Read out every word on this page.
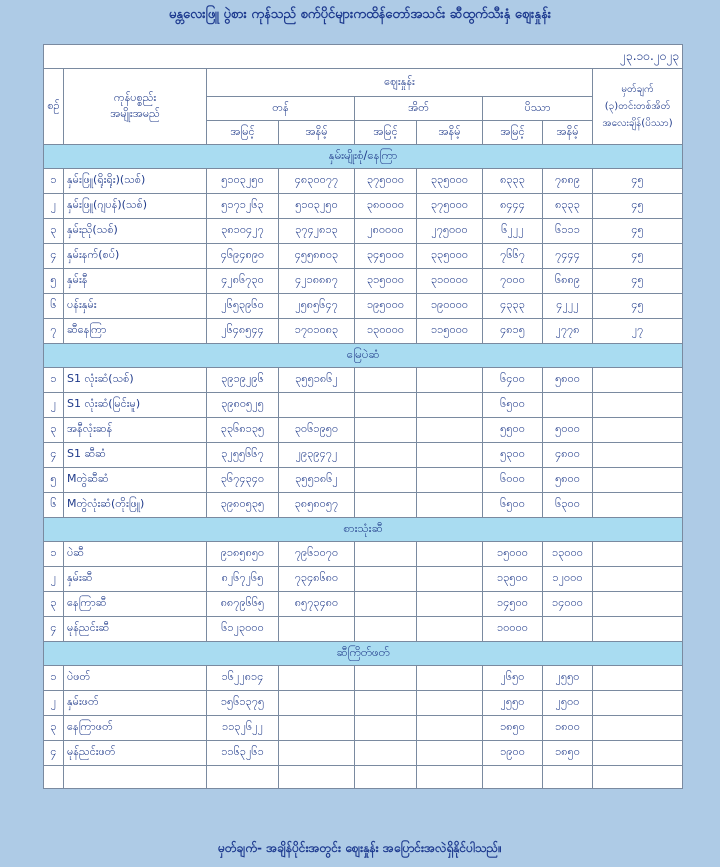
မန္တလေးဖြူ ပွဲစား ကုန်သည် စက်ပိုင်များကထိန်တော်အသင်း ဆီထွက်သီးနှံ ဈေးနှုန်း
၂၃.၁၀.၂၀၂၃								
စဉ်	ကုန်ပစ္စည်း
အမျိုးအမည်	ဈေးနှုန်း						မှတ်ချက်
(၃)တင်းတစ်အိတ်
အလေးချိန်(ပိဿာ)
		တန်		အိတ်		ပိဿာ		
		အမြင့်	အနိမ့်	အမြင့်	အနိမ့်	အမြင့်	အနိမ့်	
နှမ်းမျိုးစုံ/နေကြာ								
၁	နှမ်းဖြူ(ရိုးရိုး)(သစ်)	၅၁၀၃၂၅၀	၄၈၃၀၀၇၇	၃၇၅၀၀၀	၃၃၅၀၀၀	၈၃၃၃	၇၈၈၉	၄၅
၂	နှမ်းဖြူ(ဂျပန်)(သစ်)	၅၁၇၁၂၆၃	၅၁၀၃၂၅၀	၃၈၀၀၀၀	၃၇၅၀၀၀	၈၄၄၄	၈၃၃၃	၄၅
၃	နှမ်းညို(သစ်)	၃၈၁၀၄၂၇	၃၇၄၂၈၁၃	၂၈၀၀၀၀	၂၇၅၀၀၀	၆၂၂၂	၆၁၁၁	၄၅
၄	နှမ်းနက်(စပ်)	၄၆၉၄၈၉၀	၄၅၅၈၈၀၃	၃၄၅၀၀၀	၃၃၅၀၀၀	၇၆၆၇	၇၄၄၄	၄၅
၅	နှမ်းနီ	၄၂၈၆၇၃၀	၄၂၁၈၈၈၇	၃၁၅၀၀၀	၃၁၀၀၀၀	၇၀၀၀	၆၈၈၉	၄၅
၆	ပန်းနှမ်း	၂၆၅၃၉၆၀	၂၅၈၅၆၄၇	၁၉၅၀၀၀	၁၉၀၀၀၀	၄၃၃၃	၄၂၂၂	၄၅
၇	ဆီနေကြာ	၂၆၄၈၅၄၄	၁၇၀၁၀၈၃	၁၃၀၀၀၀	၁၁၅၀၀၀	၄၈၁၅	၂၇၇၈	၂၇
မြေပဲဆံ								
၁	S1 လုံးဆံ(သစ်)	၃၉၁၉၂၉၆	၃၅၅၁၈၆၂			၆၄၀၀	၅၈၀၀	
၂	S1 လုံးဆံ(မြင်းမူ)	၃၉၈၀၅၂၅				၆၅၀၀		
၃	အနီလုံးဆန်	၃၃၆၈၁၃၅	၃၀၆၁၉၅၀			၅၅၀၀	၅၀၀၀	
၄	S1 ဆီဆံ	၃၂၅၅၆၆၇	၂၉၃၉၄၇၂			၅၃၀၀	၄၈၀၀	
၅	Mတွဲဆီဆံ	၃၆၇၄၃၄၀	၃၅၅၁၈၆၂			၆၀၀၀	၅၈၀၀	
၆	Mတွဲလုံးဆံ(တိုးဖြူ)	၃၉၈၀၅၃၅	၃၈၅၈၀၅၇			၆၅၀၀	၆၃၀၀	
စားသုံးဆီ								
၁	ပဲဆီ	၉၁၈၅၈၅၀	၇၉၆၁၀၇၀			၁၅၀၀၀	၁၃၀၀၀	
၂	နှမ်းဆီ	၈၂၆၇၂၆၅	၇၃၄၈၆၈၀			၁၃၅၀၀	၁၂၀၀၀	
၃	နေကြာဆီ	၈၈၇၉၆၆၅	၈၅၇၃၄၈၀			၁၄၅၀၀	၁၄၀၀၀	
၄	မုန်ညင်းဆီ	၆၁၂၃၀၀၀				၁၀၀၀၀		
ဆီကြိတ်ဖတ်								
၁	ပဲဖတ်	၁၆၂၂၈၁၄				၂၆၅၀	၂၅၅၀	
၂	နှမ်းဖတ်	၁၅၆၁၃၇၅				၂၅၅၀	၂၅၀၀	
၃	နေကြာဖတ်	၁၁၃၂၆၂၂				၁၈၅၀	၁၈၀၀	
၄	မုန်ညင်းဖတ်	၁၁၆၃၂၆၁				၁၉၀၀	၁၈၅၀	

မှတ်ချက်- အချိန်ပိုင်းအတွင်း ဈေးနှုန်း အပြောင်းအလဲရှိနိုင်ပါသည်။
